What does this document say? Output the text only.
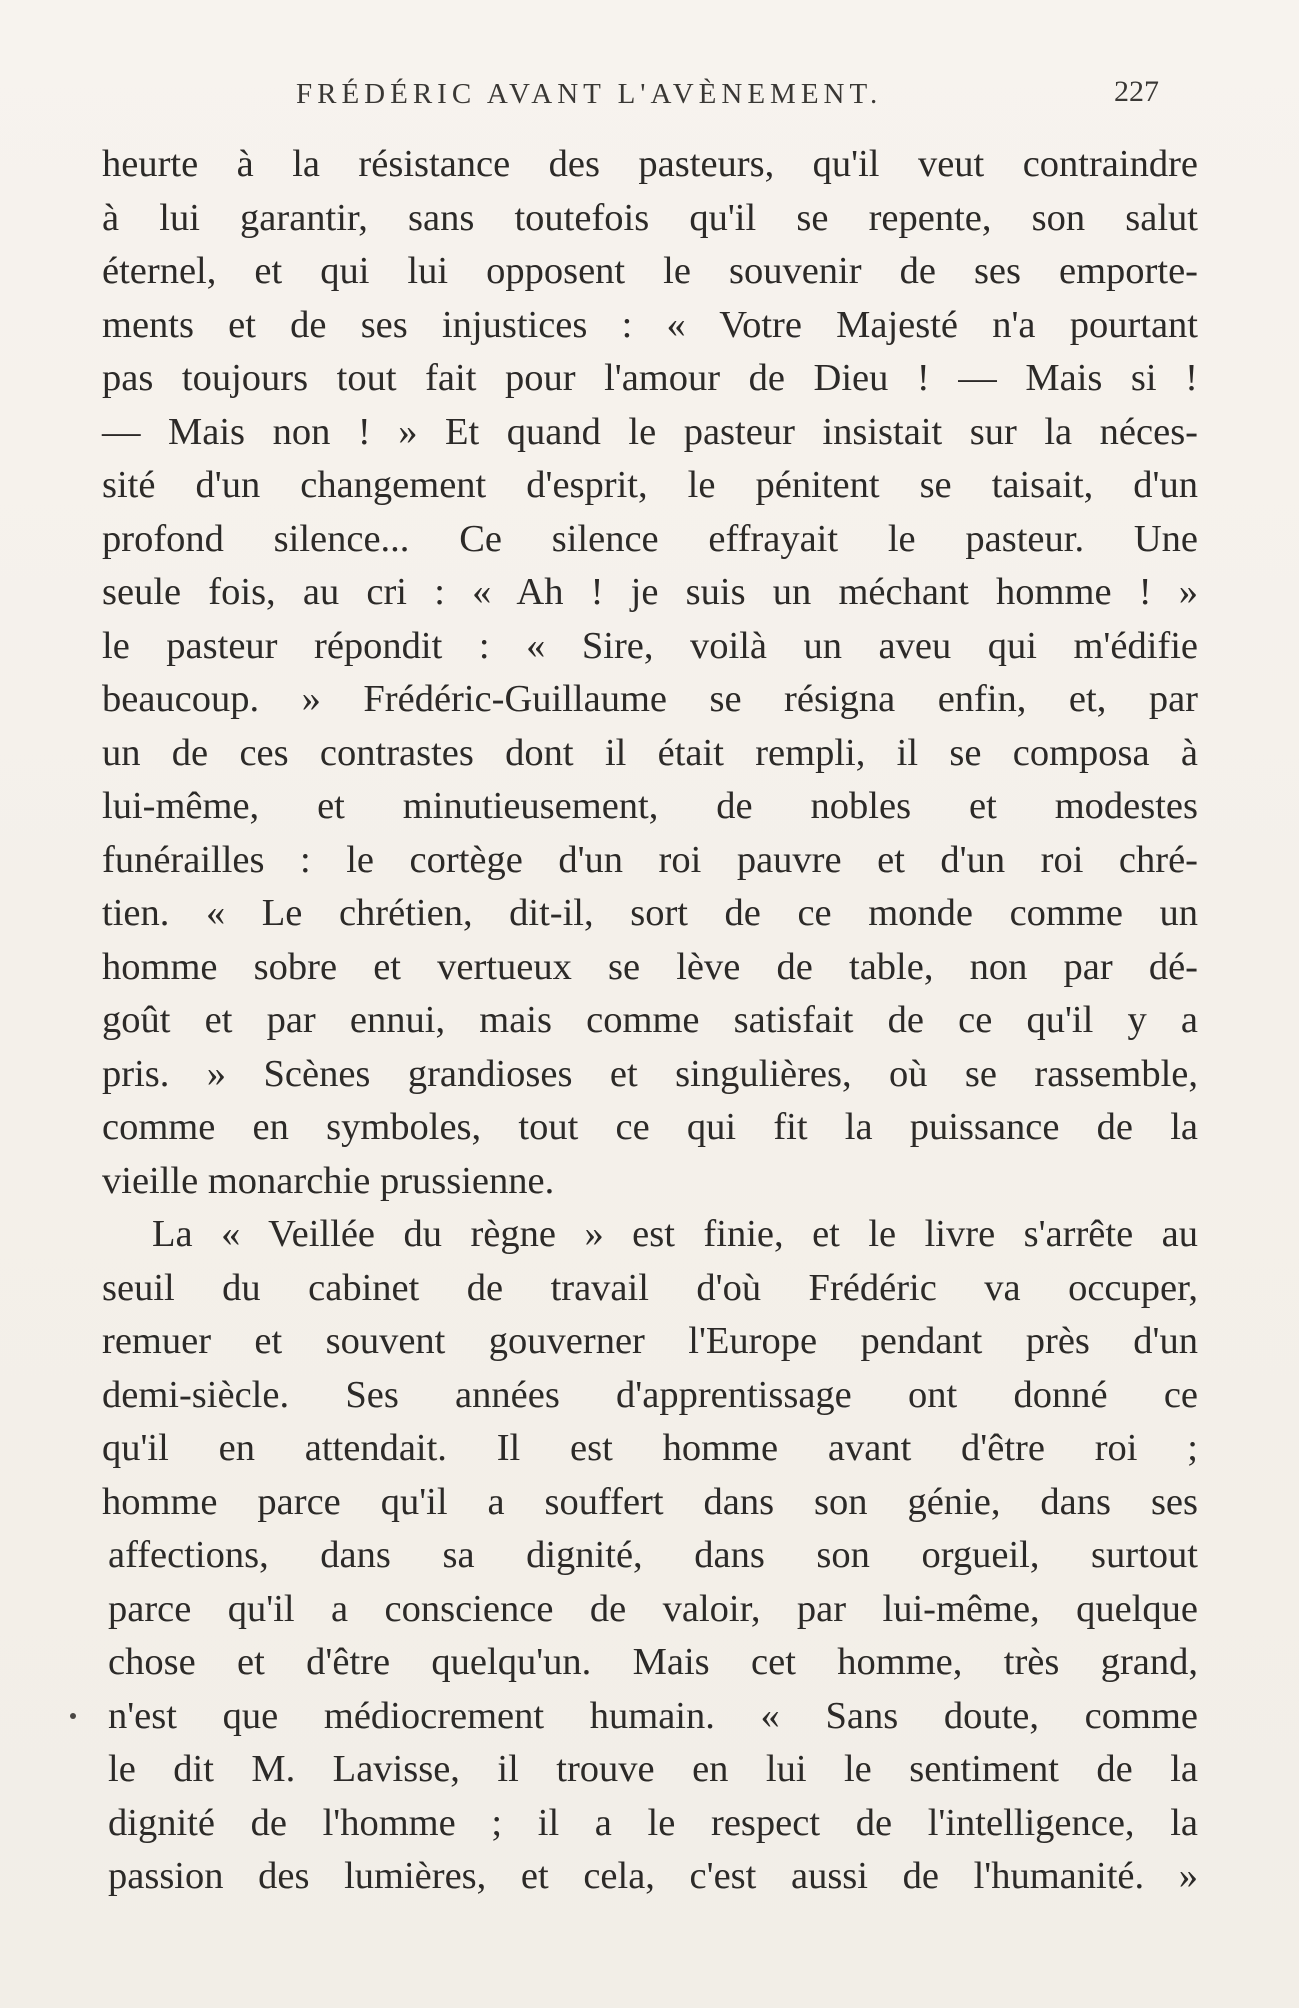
FRÉDÉRIC AVANT L'AVÈNEMENT.	227
heurte à la résistance des pasteurs, qu'il veut contraindre
à lui garantir, sans toutefois qu'il se repente, son salut
éternel, et qui lui opposent le souvenir de ses emporte-
ments et de ses injustices : « Votre Majesté n'a pourtant
pas toujours tout fait pour l'amour de Dieu ! — Mais si !
— Mais non ! » Et quand le pasteur insistait sur la néces-
sité d'un changement d'esprit, le pénitent se taisait, d'un
profond silence... Ce silence effrayait le pasteur. Une
seule fois, au cri : « Ah ! je suis un méchant homme ! »
le pasteur répondit : « Sire, voilà un aveu qui m'édifie
beaucoup. » Frédéric-Guillaume se résigna enfin, et, par
un de ces contrastes dont il était rempli, il se composa à
lui-même, et minutieusement, de nobles et modestes
funérailles : le cortège d'un roi pauvre et d'un roi chré-
tien. « Le chrétien, dit-il, sort de ce monde comme un
homme sobre et vertueux se lève de table, non par dé-
goût et par ennui, mais comme satisfait de ce qu'il y a
pris. » Scènes grandioses et singulières, où se rassemble,
comme en symboles, tout ce qui fit la puissance de la
vieille monarchie prussienne.
La « Veillée du règne » est finie, et le livre s'arrête au
seuil du cabinet de travail d'où Frédéric va occuper,
remuer et souvent gouverner l'Europe pendant près d'un
demi-siècle. Ses années d'apprentissage ont donné ce
qu'il en attendait. Il est homme avant d'être roi ;
homme parce qu'il a souffert dans son génie, dans ses
affections, dans sa dignité, dans son orgueil, surtout
parce qu'il a conscience de valoir, par lui-même, quelque
chose et d'être quelqu'un. Mais cet homme, très grand,
n'est que médiocrement humain. « Sans doute, comme
le dit M. Lavisse, il trouve en lui le sentiment de la
dignité de l'homme ; il a le respect de l'intelligence, la
passion des lumières, et cela, c'est aussi de l'humanité. »
